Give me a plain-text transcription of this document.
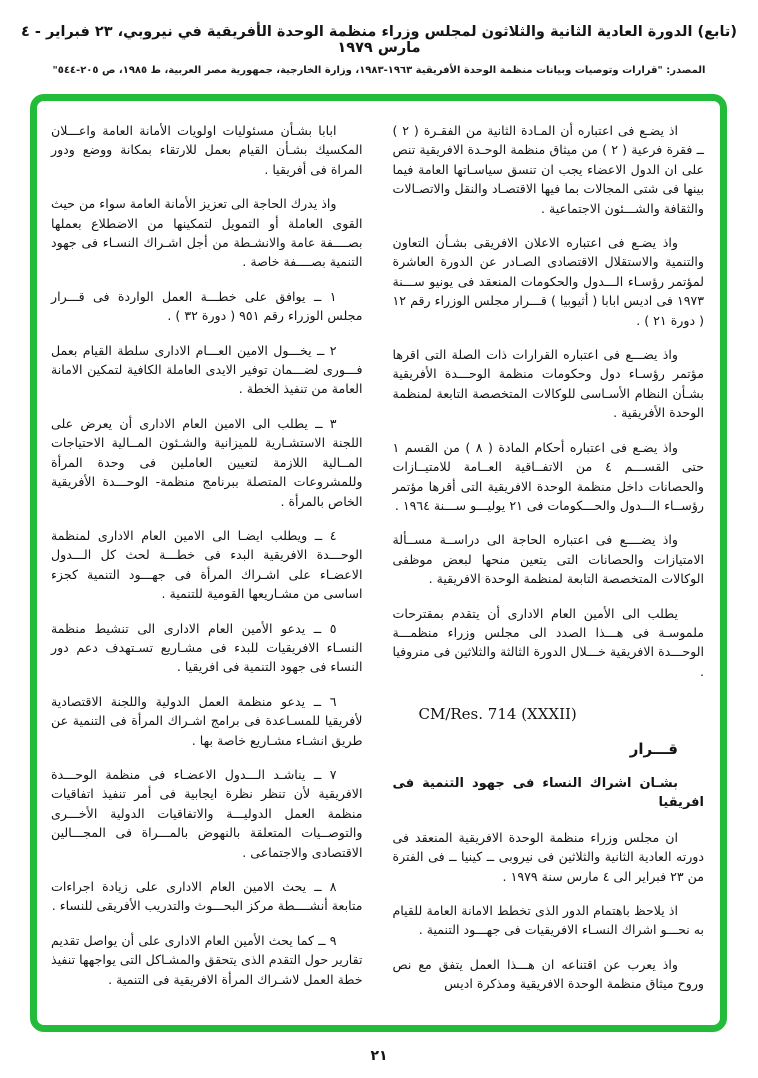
(تابع) الدورة العادية الثانية والثلاثون لمجلس وزراء منظمة الوحدة الأفريقية في نيروبي، ٢٣ فبراير - ٤ مارس ١٩٧٩
المصدر: "قرارات وتوصيات وبيانات منظمة الوحدة الأفريقية ١٩٦٣-١٩٨٣، وزارة الخارجية، جمهورية مصر العربية، ط ١٩٨٥، ص ٢٠٥-٥٤٤"

اذ يضـع فى اعتباره أن المـادة الثانية من الفقـرة ( ٢ ) ــ فقرة فرعية ( ٢ ) من ميثاق منظمة الوحـدة الافريقية تنص على ان الدول الاعضاء يجب ان تنسق سياسـاتها العامة فيما بينها فى شتى المجالات بما فيها الاقتصـاد والنقل والاتصـالات والثقافة والشـــئون الاجتماعية .

واذ يضـع فى اعتباره الاعلان الافريقى بشـأن التعاون والتنمية والاستقلال الاقتصادى الصـادر عن الدورة العاشرة لمؤتمر رؤسـاء الـــدول والحكومات المنعقد فى يونيو ســـنة ١٩٧٣ فى اديس ابابا ( أثيوبيا ) قـــرار مجلس الوزراء رقم ١٢ ( دورة ٢١ ) .

واذ يضـــع فى اعتباره القرارات ذات الصلة التى اقرها مؤتمر رؤسـاء دول وحكومات منظمة الوحـــدة الأفريقية بشـأن النظام الأسـاسى للوكالات المتخصصة التابعة لمنظمة الوحدة الأفريقية .

واذ يضـع فى اعتباره أحكام المادة ( ٨ ) من القسم ١ حتى القســـم ٤ من الاتفــاقية العــامة للامتيــازات والحصانات داخل منظمة الوحدة الافريقية التى أقرها مؤتمر رؤســاء الـــدول والحـــكومات فى ٢١ يوليـــو ســـنة ١٩٦٤ .

واذ يضــــع فى اعتباره الحاجة الى دراســة مســألة الامتيازات والحصانات التى يتعين منحها لبعض موظفى الوكالات المتخصصة التابعة لمنظمة الوحدة الافريقية .

يطلب الى الأمين العام الادارى أن يتقدم بمقترحات ملموسـة فى هـــذا الصدد الى مجلس وزراء منظمـــة الوحـــدة الافريقية خـــلال الدورة الثالثة والثلاثين فى منروفيا .

CM/Res. 714 (XXXII)

قـــرار

بشـان اشراك النساء فى جهود التنمية فى افريقيا

ان مجلس وزراء منظمة الوحدة الافريقية المنعقد فى دورته العادية الثانية والثلاثين فى نيروبى ــ كينيا ــ فى الفترة من ٢٣ فبراير الى ٤ مارس سنة ١٩٧٩ .

اذ يلاحظ باهتمام الدور الذى تخطط الامانة العامة للقيام به نحـــو اشراك النسـاء الافريقيات فى جهـــود التنمية .

واذ يعرب عن اقتناعه ان هـــذا العمل يتفق مع نص وروح ميثاق منظمة الوحدة الافريقية ومذكرة اديس

ابابا بشـأن مسئوليات اولويات الأمانة العامة واعـــلان المكسيك بشـأن القيام بعمل للارتقاء بمكانة ووضع ودور المراة فى أفريقيا .

واذ يدرك الحاجة الى تعزيز الأمانة العامة سواء من حيث القوى العاملة أو التمويل لتمكينها من الاضطلاع بعملها بصــــفة عامة والانشـطة من أجل اشـراك النسـاء فى جهود التنمية بصــــفة خاصة .

١ ــ يوافق على خطـــة العمل الواردة فى قـــرار مجلس الوزراء رقم ٩٥١ ( دورة ٣٢ ) .

٢ ــ يخـــول الامين العـــام الادارى سلطة القيام بعمل فـــورى لضـــمان توفير الايدى العاملة الكافية لتمكين الامانة العامة من تنفيذ الخطة .

٣ ــ يطلب الى الامين العام الادارى أن يعرض على اللجنة الاستشـارية للميزانية والشـئون المــالية الاحتياجات المــالية اللازمة لتعيين العاملين فى وحدة المرأة وللمشروعات المتصلة ببرنامج منظمة- الوحـــدة الأفريقية الخاص بالمرأة .

٤ ــ ويطلب ايضـا الى الامين العام الادارى لمنظمة الوحـــدة الافريقية البدء فى خطـــة لحث كل الـــدول الاعضـاء على اشـراك المرأة فى جهـــود التنمية كجزء اساسى من مشـاريعها القومية للتنمية .

٥ ــ يدعو الأمين العام الادارى الى تنشيط منظمة النسـاء الافريقيات للبدء فى مشـاريع تسـتهدف دعم دور النساء فى جهود التنمية فى افريقيا .

٦ ــ يدعو منظمة العمل الدولية واللجنة الاقتصادية لأفريقيا للمسـاعدة فى برامج اشـراك المرأة فى التنمية عن طريق انشـاء مشـاريع خاصة بها .

٧ ــ يناشـد الـــدول الاعضـاء فى منظمة الوحـــدة الافريقية لأن تنظر نظرة ايجابية فى أمر تنفيذ اتفاقيات منظمة العمل الدوليـــة والاتفاقيات الدولية الأخـــرى والتوصــيات المتعلقة بالنهوض بالمـــراة فى المجـــالين الاقتصادى والاجتماعى .

٨ ــ يحث الامين العام الادارى على زيادة اجراءات متابعة أنشــــطة مركز البحـــوث والتدريب الأفريقى للنساء .

٩ ــ كما يحث الأمين العام الادارى على أن يواصل تقديم تقارير حول التقدم الذى يتحقق والمشـاكل التى يواجهها تنفيذ خطة العمل لاشـراك المرأة الافريقية فى التنمية .

٢١
